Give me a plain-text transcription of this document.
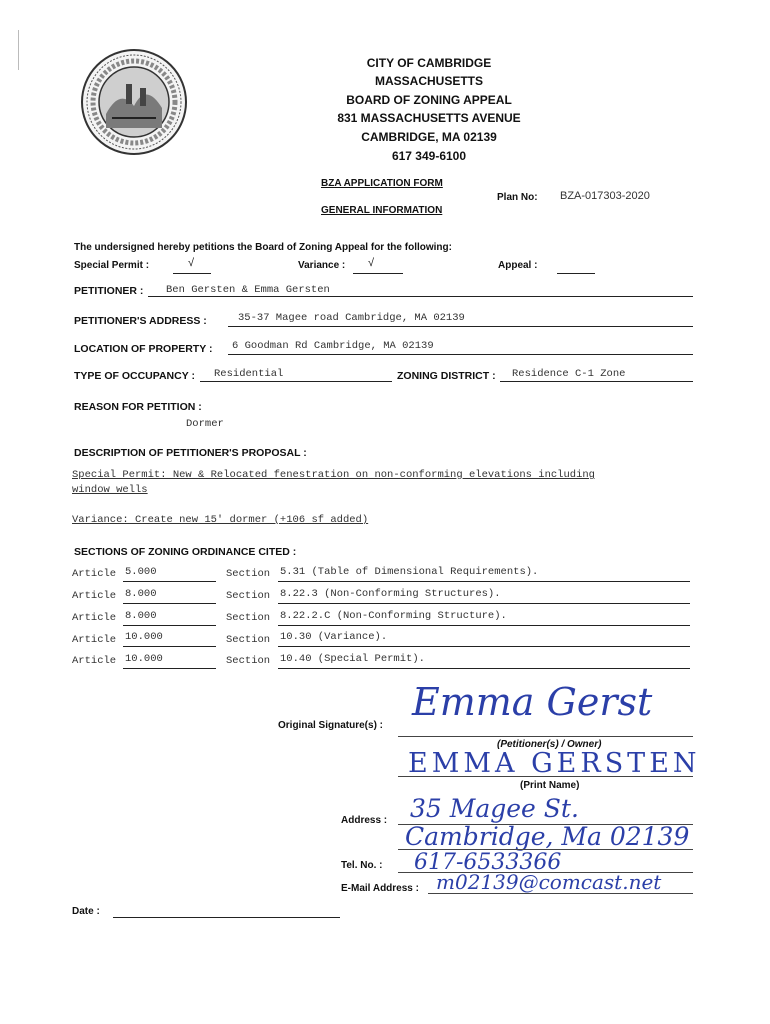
CITY OF CAMBRIDGE
MASSACHUSETTS
BOARD OF ZONING APPEAL
831 MASSACHUSETTS AVENUE
CAMBRIDGE, MA 02139
617 349-6100
BZA APPLICATION FORM
GENERAL INFORMATION
Plan No: BZA-017303-2020
The undersigned hereby petitions the Board of Zoning Appeal for the following:
Special Permit :	√	Variance : √	Appeal :
PETITIONER : Ben Gersten & Emma Gersten
PETITIONER'S ADDRESS :	35-37 Magee road Cambridge, MA 02139
LOCATION OF PROPERTY : 6 Goodman Rd Cambridge, MA 02139
TYPE OF OCCUPANCY : Residential	ZONING DISTRICT : Residence C-1 Zone
REASON FOR PETITION :
Dormer
DESCRIPTION OF PETITIONER'S PROPOSAL :
Special Permit: New & Relocated fenestration on non-conforming elevations including
window wells
Variance: Create new 15' dormer (+106 sf added)
SECTIONS OF ZONING ORDINANCE CITED :
Article 5.000	Section 5.31 (Table of Dimensional Requirements).
Article 8.000	Section 8.22.3 (Non-Conforming Structures).
Article 8.000	Section 8.22.2.C (Non-Conforming Structure).
Article 10.000	Section 10.30 (Variance).
Article 10.000	Section 10.40 (Special Permit).
Original Signature(s) :
Emma Gerst
(Petitioner(s) / Owner)
EMMA GERSTEN
(Print Name)
Address : 35 Magee St.
Cambridge, Ma 02139
Tel. No. : 617-6533366
E-Mail Address : m02139@comcast.net
Date :
